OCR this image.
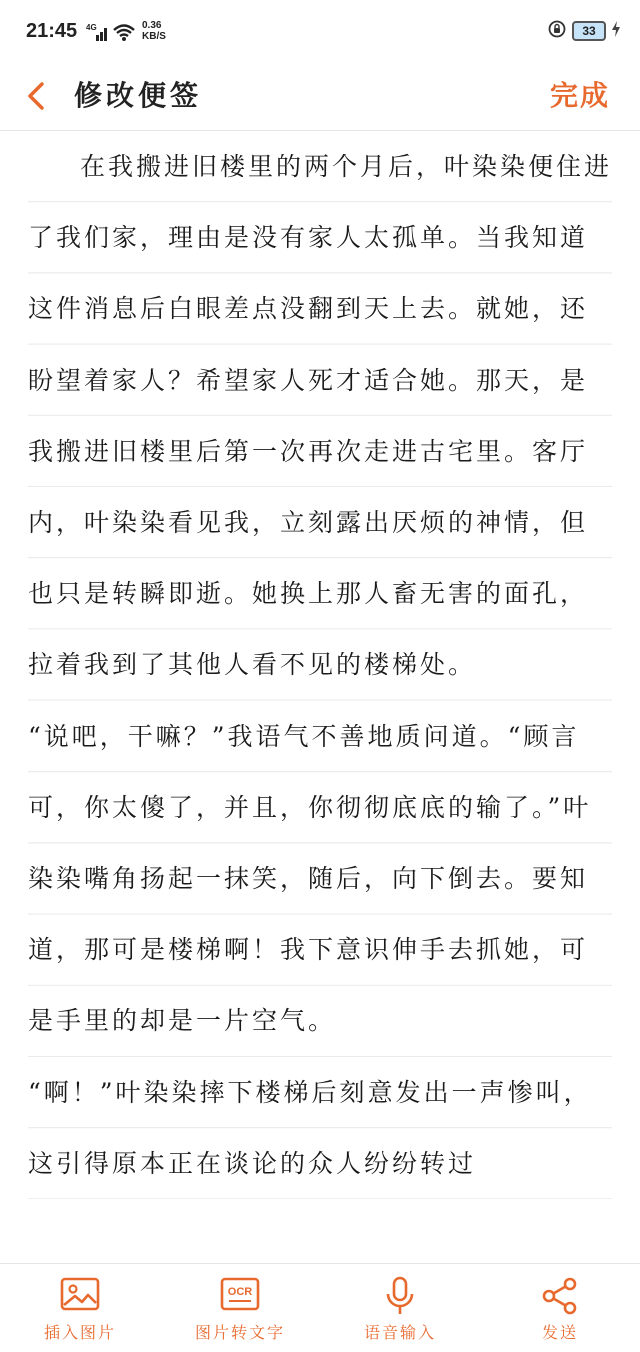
21:45 4G	0.36
KB/S	33
修改便签	完成

在我搬进旧楼里的两个月后，叶染染便住进了我们家，理由是没有家人太孤单。当我知道这件消息后白眼差点没翻到天上去。就她，还盼望着家人？希望家人死才适合她。那天，是我搬进旧楼里后第一次再次走进古宅里。客厅内，叶染染看见我，立刻露出厌烦的神情，但也只是转瞬即逝。她换上那人畜无害的面孔，拉着我到了其他人看不见的楼梯处。

“说吧，干嘛？”我语气不善地质问道。“顾言可，你太傻了，并且，你彻彻底底的输了。”叶染染嘴角扬起一抹笑，随后，向下倒去。要知道，那可是楼梯啊！我下意识伸手去抓她，可是手里的却是一片空气。

“啊！”叶染染摔下楼梯后刻意发出一声惨叫，这引得原本正在谈论的众人纷纷转过

插入图片
OCR
图片转文字	语音输入	发送
